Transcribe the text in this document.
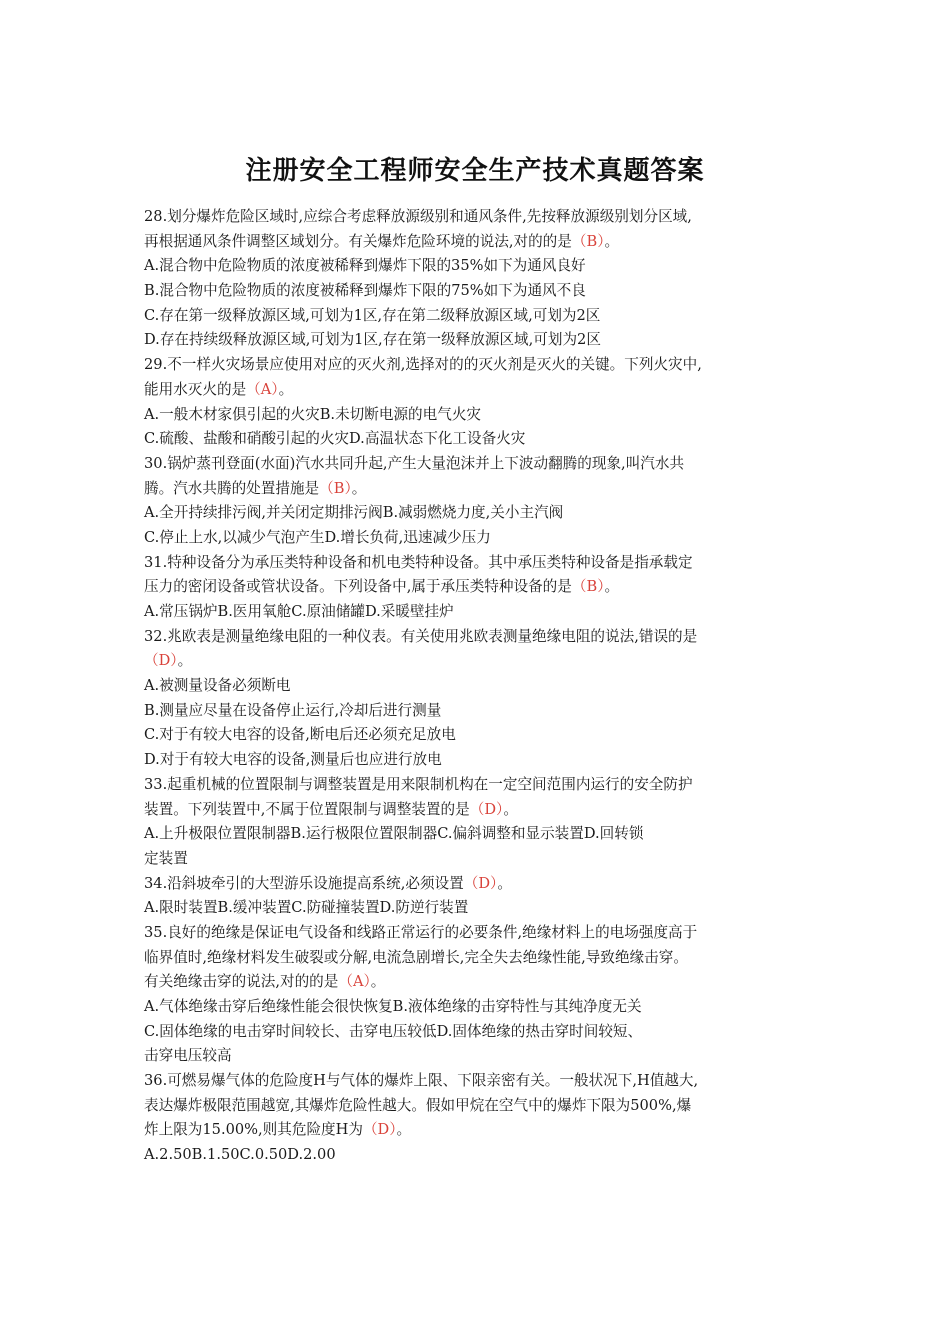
注册安全工程师安全生产技术真题答案
28.划分爆炸危险区域时,应综合考虑释放源级别和通风条件,先按释放源级别划分区域,
再根据通风条件调整区域划分。有关爆炸危险环境的说法,对的的是（B）。
A.混合物中危险物质的浓度被稀释到爆炸下限的35%如下为通风良好
B.混合物中危险物质的浓度被稀释到爆炸下限的75%如下为通风不良
C.存在第一级释放源区域,可划为1区,存在第二级释放源区域,可划为2区
D.存在持续级释放源区域,可划为1区,存在第一级释放源区域,可划为2区
29.不一样火灾场景应使用对应的灭火剂,选择对的的灭火剂是灭火的关键。下列火灾中,
能用水灭火的是（A）。
A.一般木材家俱引起的火灾B.未切断电源的电气火灾
C.硫酸、盐酸和硝酸引起的火灾D.高温状态下化工设备火灾
30.锅炉蒸刊登面(水面)汽水共同升起,产生大量泡沫并上下波动翻腾的现象,叫汽水共
腾。汽水共腾的处置措施是（B）。
A.全开持续排污阀,并关闭定期排污阀B.减弱燃烧力度,关小主汽阀
C.停止上水,以减少气泡产生D.增长负荷,迅速减少压力
31.特种设备分为承压类特种设备和机电类特种设备。其中承压类特种设备是指承载定
压力的密闭设备或管状设备。下列设备中,属于承压类特种设备的是（B）。
A.常压锅炉B.医用氧舱C.原油储罐D.采暖壁挂炉
32.兆欧表是测量绝缘电阻的一种仪表。有关使用兆欧表测量绝缘电阻的说法,错误的是
（D）。
A.被测量设备必须断电
B.测量应尽量在设备停止运行,冷却后进行测量
C.对于有较大电容的设备,断电后还必须充足放电
D.对于有较大电容的设备,测量后也应进行放电
33.起重机械的位置限制与调整装置是用来限制机构在一定空间范围内运行的安全防护
装置。下列装置中,不属于位置限制与调整装置的是（D）。
A.上升极限位置限制器B.运行极限位置限制器C.偏斜调整和显示装置D.回转锁
定装置
34.沿斜坡牵引的大型游乐设施提高系统,必须设置（D）。
A.限时装置B.缓冲装置C.防碰撞装置D.防逆行装置
35.良好的绝缘是保证电气设备和线路正常运行的必要条件,绝缘材料上的电场强度高于
临界值时,绝缘材料发生破裂或分解,电流急剧增长,完全失去绝缘性能,导致绝缘击穿。
有关绝缘击穿的说法,对的的是（A）。
A.气体绝缘击穿后绝缘性能会很快恢复B.液体绝缘的击穿特性与其纯净度无关
C.固体绝缘的电击穿时间较长、击穿电压较低D.固体绝缘的热击穿时间较短、
击穿电压较高
36.可燃易爆气体的危险度H与气体的爆炸上限、下限亲密有关。一般状况下,H值越大,
表达爆炸极限范围越宽,其爆炸危险性越大。假如甲烷在空气中的爆炸下限为500%,爆
炸上限为15.00%,则其危险度H为（D）。
A.2.50B.1.50C.0.50D.2.00
